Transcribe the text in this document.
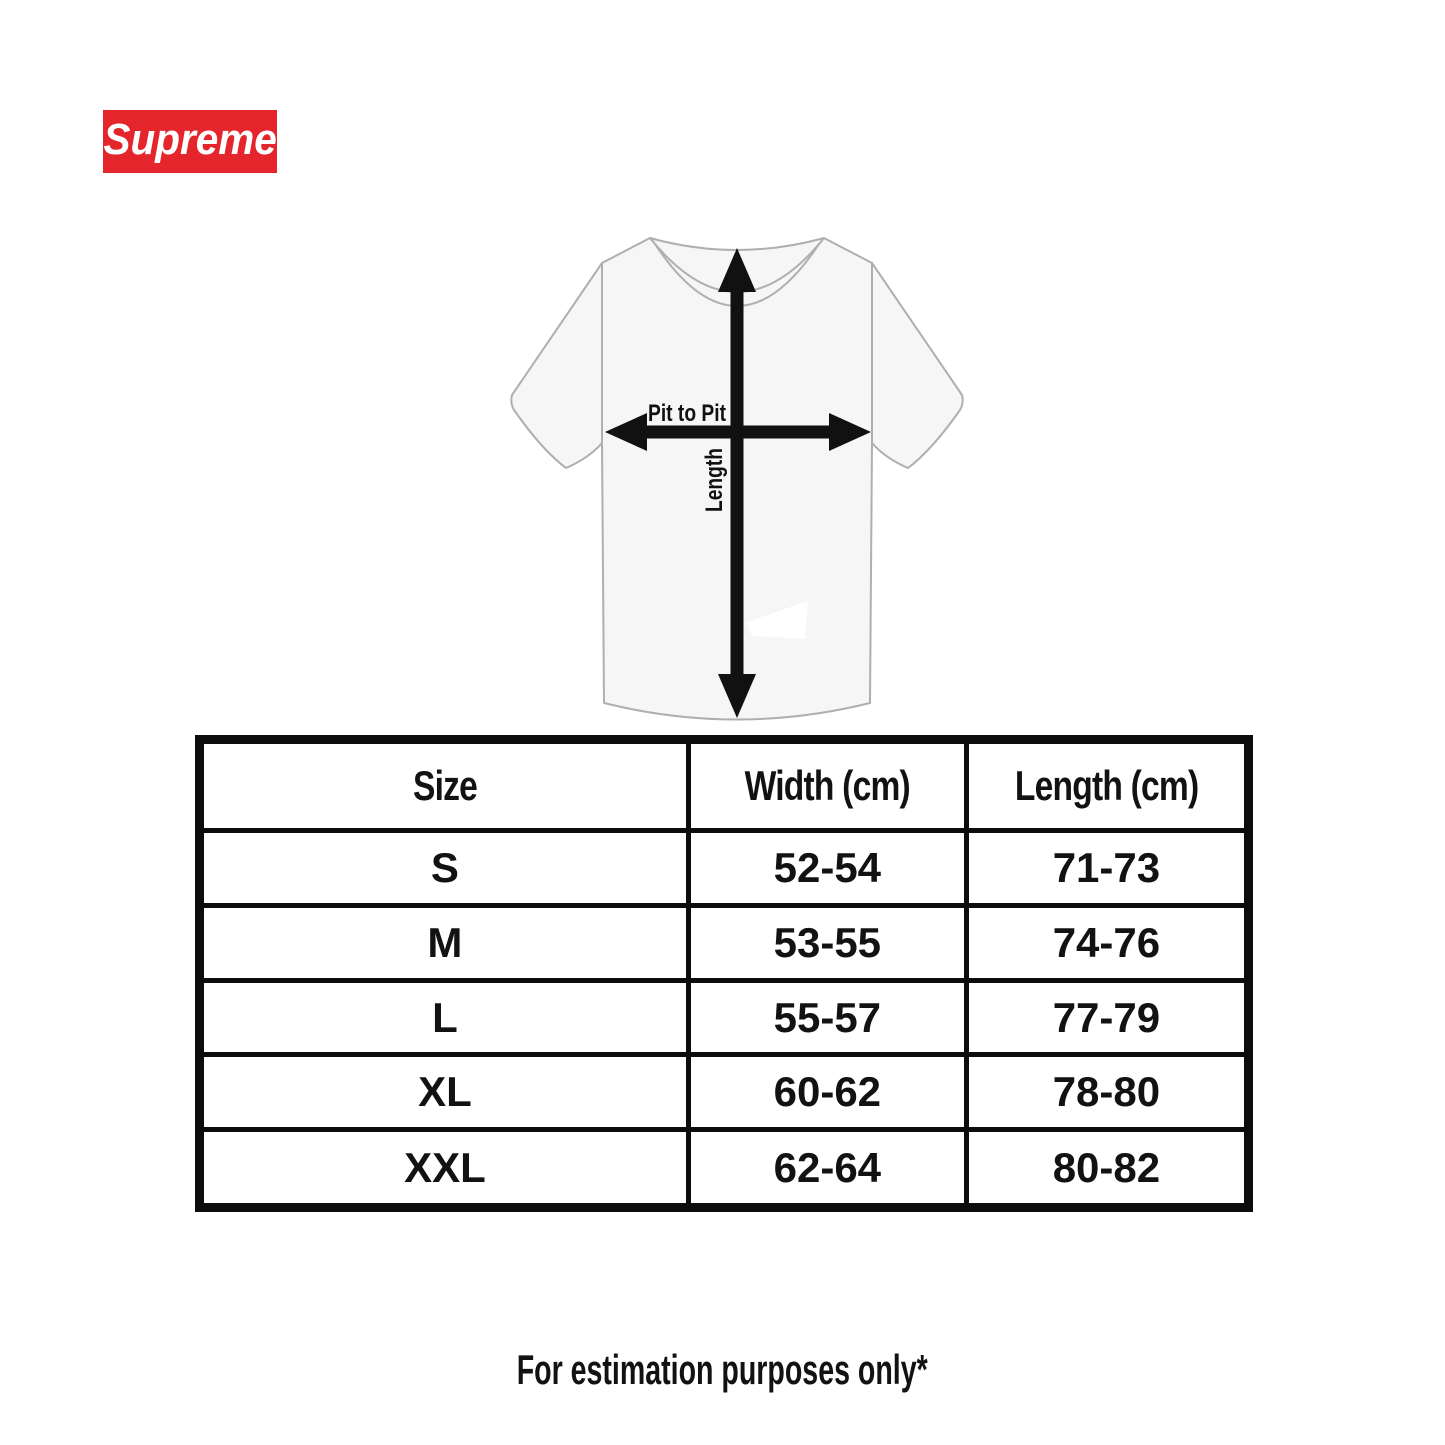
Supreme
Pit to Pit
Length
Size	Width (cm)	Length (cm)
S	52-54	71-73
M	53-55	74-76
L	55-57	77-79
XL	60-62	78-80
XXL	62-64	80-82
For estimation purposes only*
